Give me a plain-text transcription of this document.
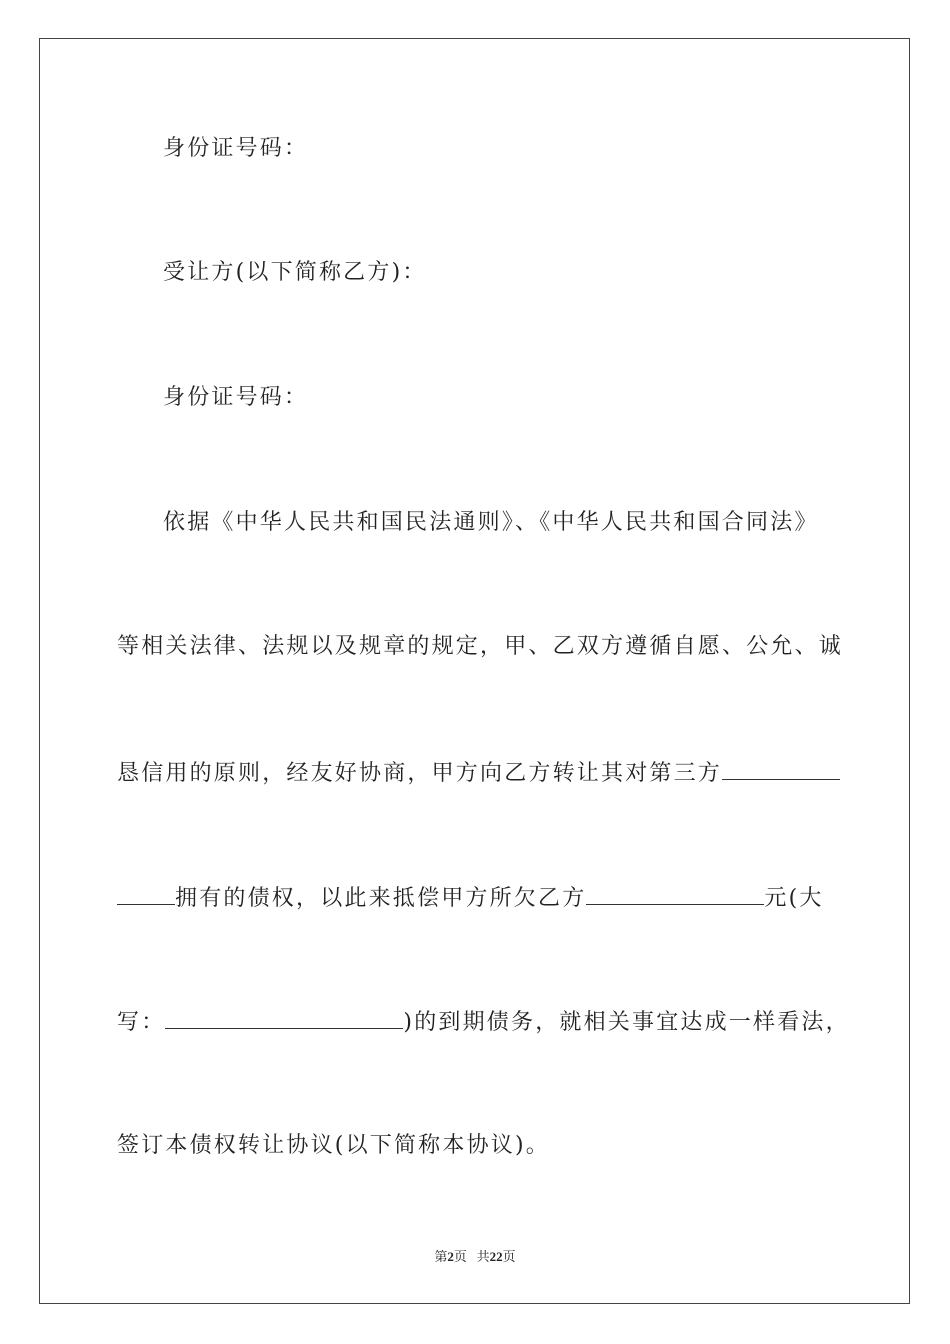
身份证号码：
受让方(以下简称乙方)：
身份证号码：
依据《中华人民共和国民法通则》、《中华人民共和国合同法》
等相关法律、法规以及规章的规定，甲、乙双方遵循自愿、公允、诚
恳信用的原则，经友好协商，甲方向乙方转让其对第三方
拥有的债权，以此来抵偿甲方所欠乙方	元(大
写：	)的到期债务，就相关事宜达成一样看法，
签订本债权转让协议(以下简称本协议)。
第2页 共22页
